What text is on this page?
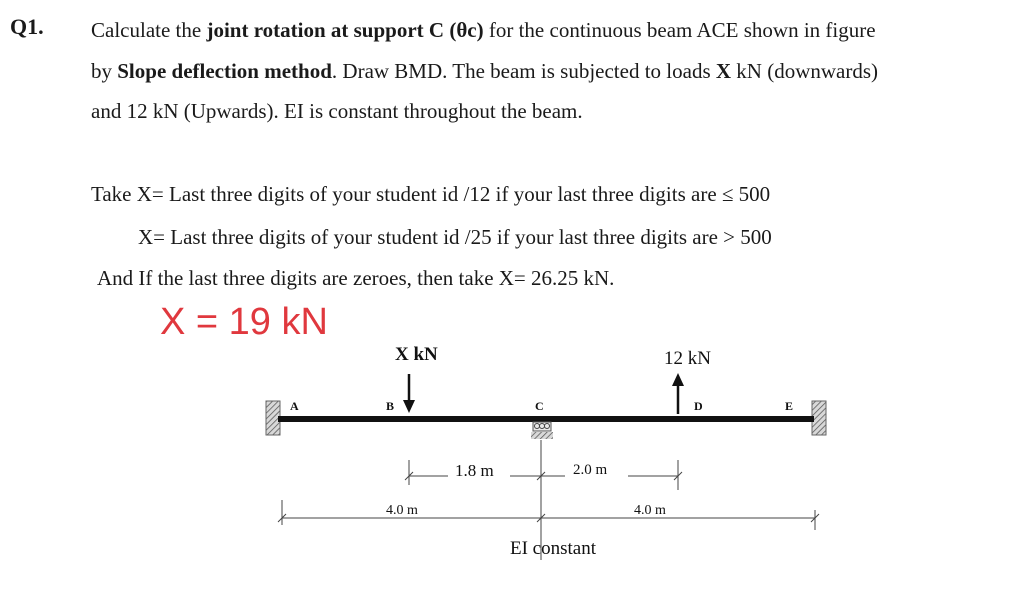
Q1. Calculate the joint rotation at support C (θc) for the continuous beam ACE shown in figure
by Slope deflection method. Draw BMD. The beam is subjected to loads X kN (downwards)
and 12 kN (Upwards). EI is constant throughout the beam.
Take X= Last three digits of your student id /12 if your last three digits are ≤ 500
X= Last three digits of your student id /25 if your last three digits are > 500
And If the last three digits are zeroes, then take X= 26.25 kN.
X = 19 kN
X kN	12 kN
A	B	C	D	E
1.8 m	2.0 m
4.0 m	4.0 m
EI constant
